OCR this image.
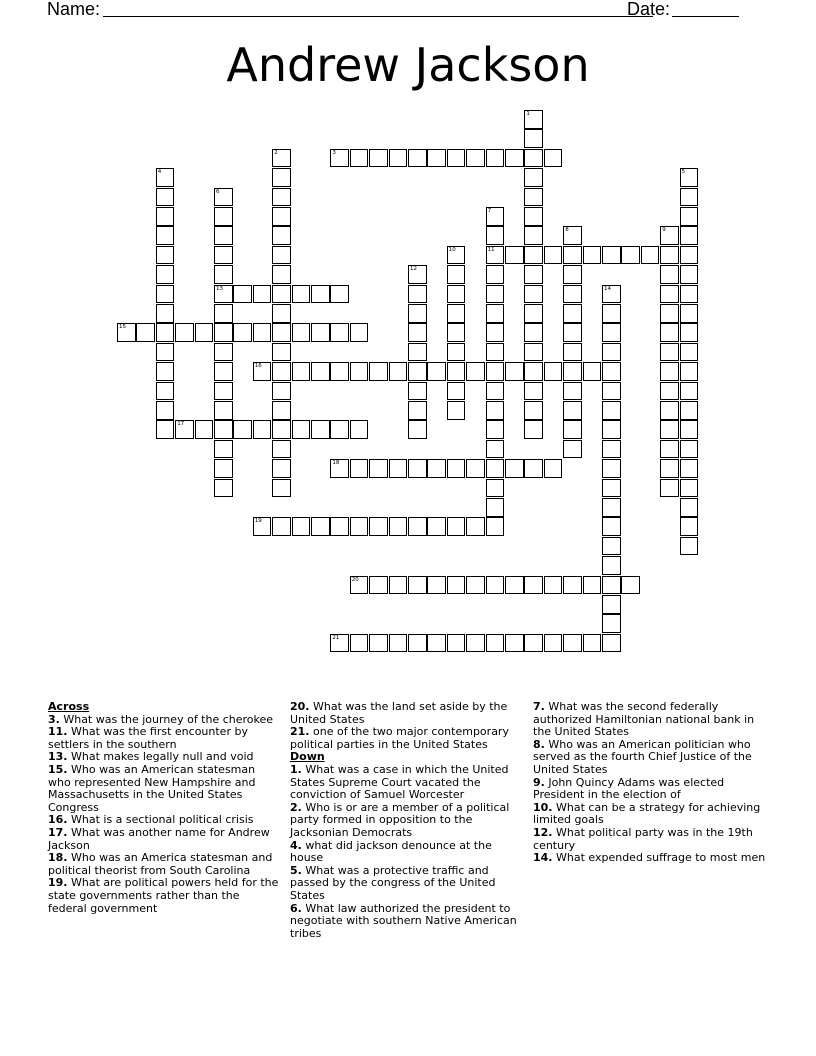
Name:	Date:
Andrew Jackson
1
2	3
4	5
6
13
7
11
8	9
10
12
14
15
16
17
18
19
20
21
Across
3. What was the journey of the cherokee
11. What was the first encounter by settlers in the southern
13. What makes legally null and void
15. Who was an American statesman who represented New Hampshire and Massachusetts in the United States Congress
16. What is a sectional political crisis
17. What was another name for Andrew Jackson
18. Who was an America statesman and political theorist from South Carolina
19. What are political powers held for the state governments rather than the federal government
20. What was the land set aside by the United States
21. one of the two major contemporary political parties in the United States
Down
1. What was a case in which the United States Supreme Court vacated the conviction of Samuel Worcester
2. Who is or are a member of a political party formed in opposition to the Jacksonian Democrats
4. what did jackson denounce at the house
5. What was a protective traffic and passed by the congress of the United States
6. What law authorized the president to negotiate with southern Native American tribes
7. What was the second federally authorized Hamiltonian national bank in the United States
8. Who was an American politician who served as the fourth Chief Justice of the United States
9. John Quincy Adams was elected President in the election of
10. What can be a strategy for achieving limited goals
12. What political party was in the 19th century
14. What expended suffrage to most men
